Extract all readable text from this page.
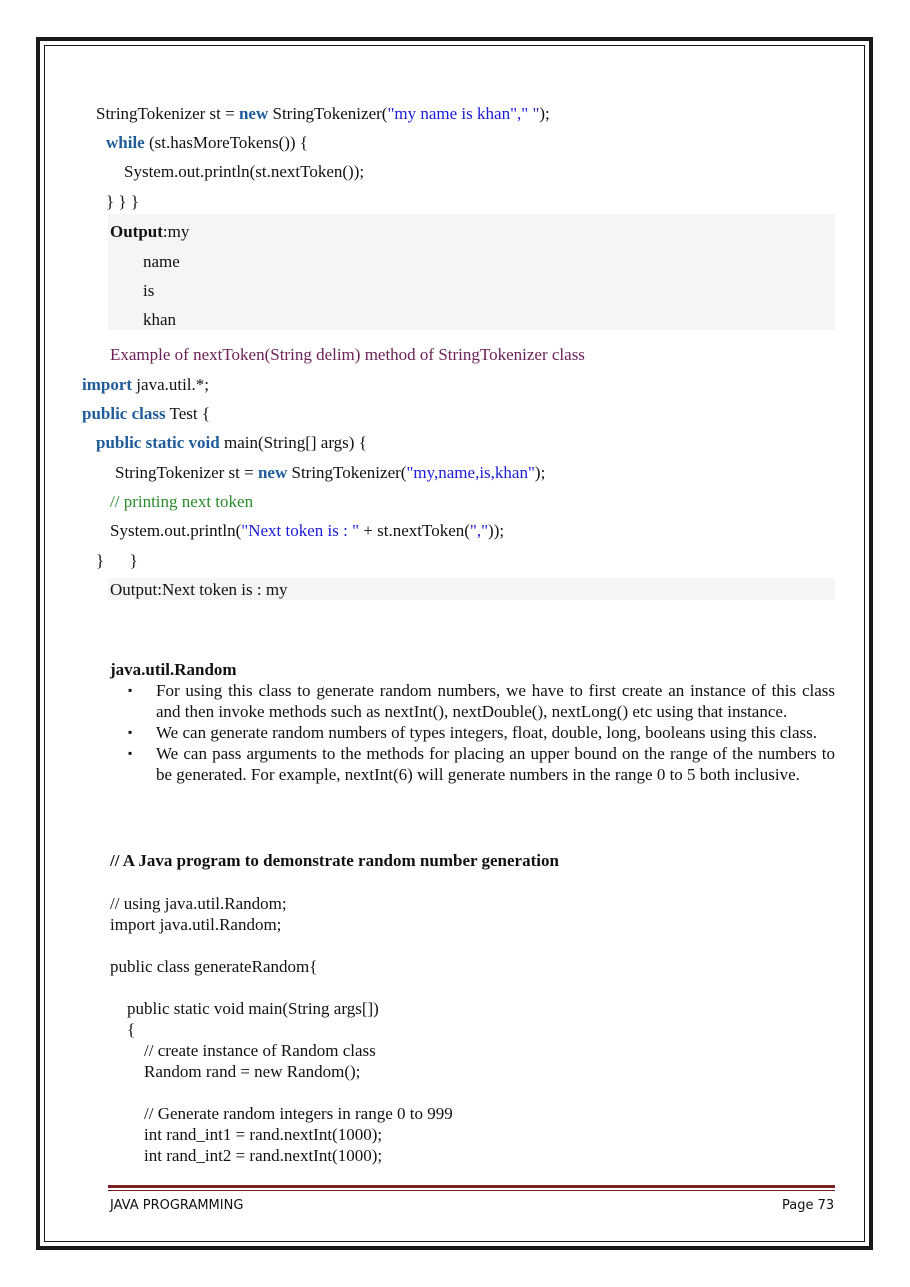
StringTokenizer st = new StringTokenizer("my name is khan"," ");
while (st.hasMoreTokens()) {
System.out.println(st.nextToken());
} } }
Output:my
name
is
khan
Example of nextToken(String delim) method of StringTokenizer class
import java.util.*;
public class Test {
public static void main(String[] args) {
StringTokenizer st = new StringTokenizer("my,name,is,khan");
// printing next token
System.out.println("Next token is : " + st.nextToken(","));
}      }
Output:Next token is : my
java.util.Random
▪ For using this class to generate random numbers, we have to first create an instance of this class and then invoke methods such as nextInt(), nextDouble(), nextLong() etc using that instance.
▪ We can generate random numbers of types integers, float, double, long, booleans using this class.
▪ We can pass arguments to the methods for placing an upper bound on the range of the numbers to be generated. For example, nextInt(6) will generate numbers in the range 0 to 5 both inclusive.
// A Java program to demonstrate random number generation

// using java.util.Random;
import java.util.Random;
public class generateRandom{
public static void main(String args[])
{
// create instance of Random class
Random rand = new Random();
// Generate random integers in range 0 to 999
int rand_int1 = rand.nextInt(1000);
int rand_int2 = rand.nextInt(1000);

JAVA PROGRAMMING	Page 73
